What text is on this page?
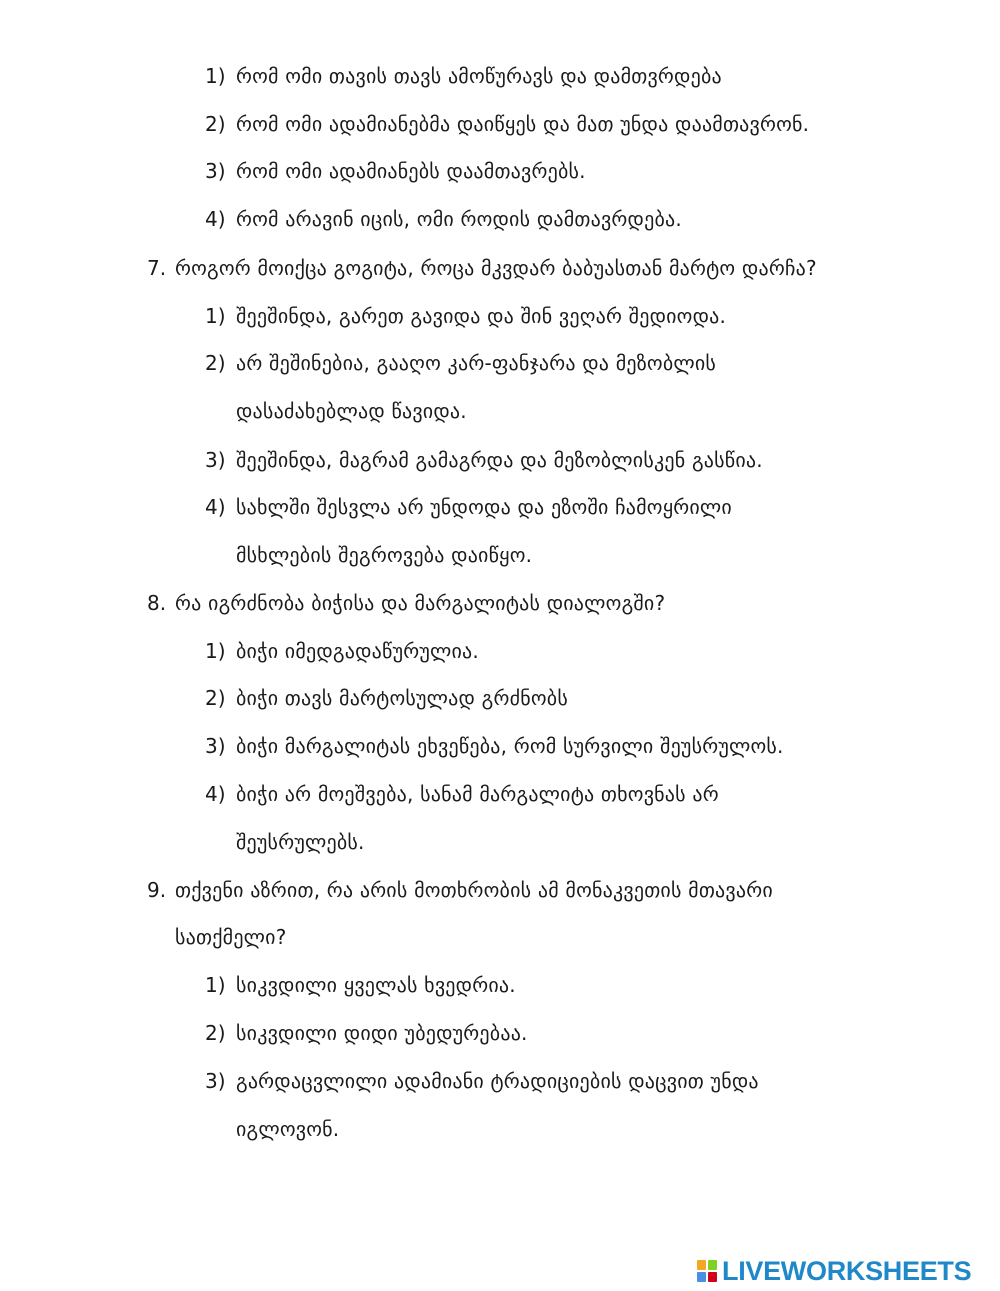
1) რომ ომი თავის თავს ამოწურავს და დამთვრდება
2) რომ ომი ადამიანებმა დაიწყეს და მათ უნდა დაამთავრონ.
3) რომ ომი ადამიანებს დაამთავრებს.
4) რომ არავინ იცის, ომი როდის დამთავრდება.
7. როგორ მოიქცა გოგიტა, როცა მკვდარ ბაბუასთან მარტო დარჩა?
1) შეეშინდა, გარეთ გავიდა და შინ ვეღარ შედიოდა.
2) არ შეშინებია, გააღო კარ-ფანჯარა და მეზობლის
დასაძახებლად წავიდა.
3) შეეშინდა, მაგრამ გამაგრდა და მეზობლისკენ გასწია.
4) სახლში შესვლა არ უნდოდა და ეზოში ჩამოყრილი
მსხლების შეგროვება დაიწყო.
8. რა იგრძნობა ბიჭისა და მარგალიტას დიალოგში?
1) ბიჭი იმედგადაწურულია.
2) ბიჭი თავს მარტოსულად გრძნობს
3) ბიჭი მარგალიტას ეხვეწება, რომ სურვილი შეუსრულოს.
4) ბიჭი არ მოეშვება, სანამ მარგალიტა თხოვნას არ
შეუსრულებს.
9. თქვენი აზრით, რა არის მოთხრობის ამ მონაკვეთის მთავარი
სათქმელი?
1) სიკვდილი ყველას ხვედრია.
2) სიკვდილი დიდი უბედურებაა.
3) გარდაცვლილი ადამიანი ტრადიციების დაცვით უნდა
იგლოვონ.
LIVEWORKSHEETS
